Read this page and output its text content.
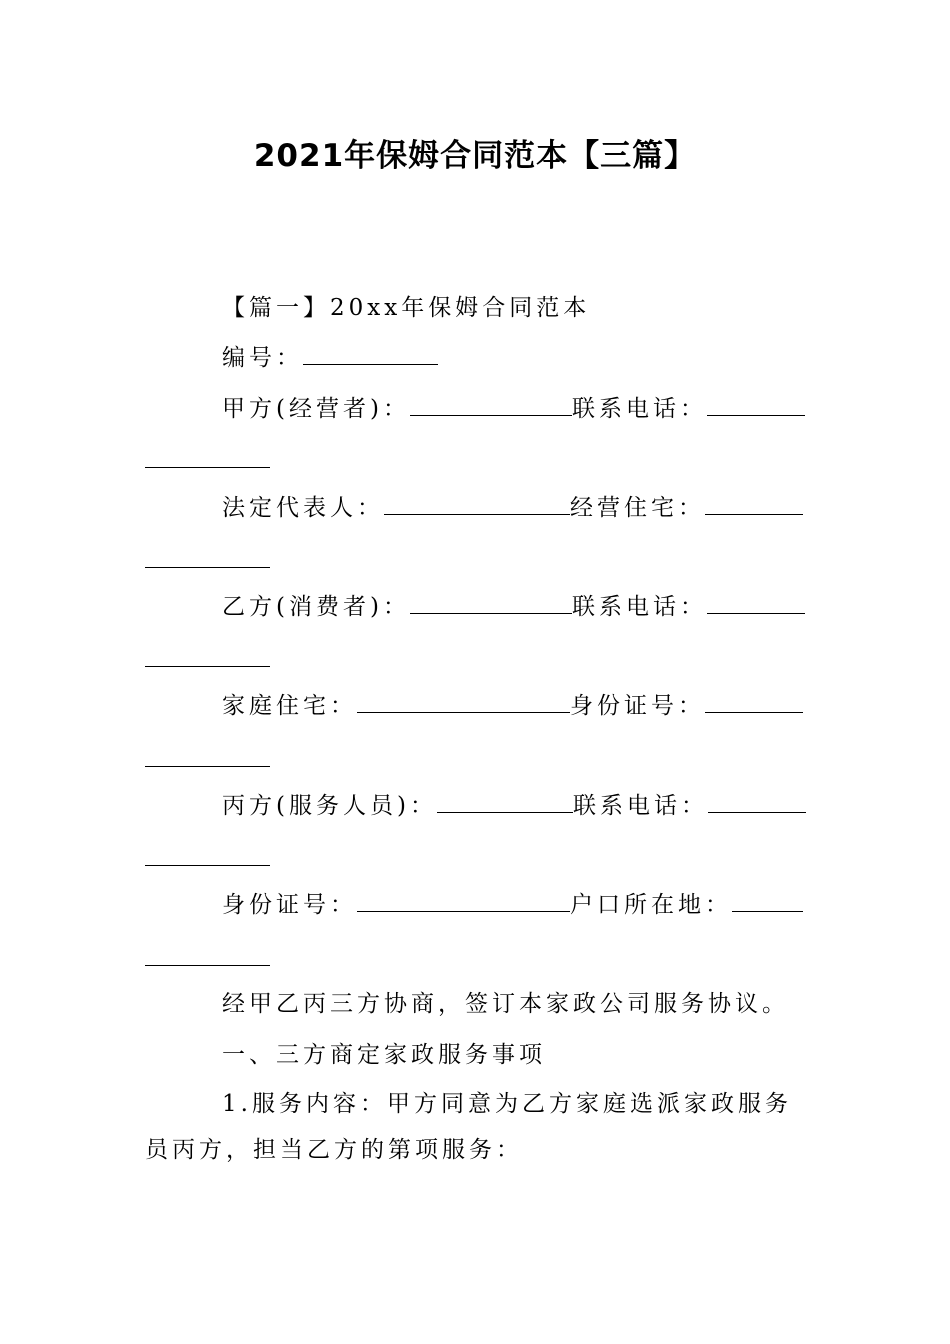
2021年保姆合同范本【三篇】
【篇一】20xx年保姆合同范本
编号：
甲方(经营者)：	联系电话：
法定代表人：	经营住宅：
乙方(消费者)：	联系电话：
家庭住宅：	身份证号：
丙方(服务人员)：	联系电话：
身份证号：	户口所在地：
经甲乙丙三方协商，签订本家政公司服务协议。
一、三方商定家政服务事项
1.服务内容：甲方同意为乙方家庭选派家政服务员丙方，担当乙方的第项服务：
